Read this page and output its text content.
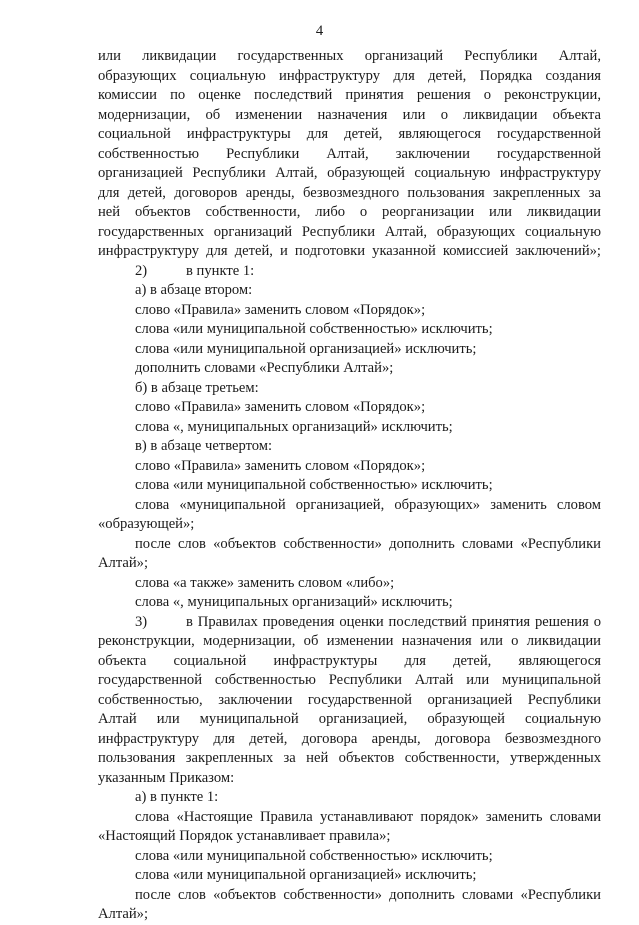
4
или ликвидации государственных организаций Республики Алтай,
образующих социальную инфраструктуру для детей, Порядка создания
комиссии по оценке последствий принятия решения о реконструкции,
модернизации, об изменении назначения или о ликвидации объекта
социальной инфраструктуры для детей, являющегося государственной
собственностью Республики Алтай, заключении государственной
организацией Республики Алтай, образующей социальную инфраструктуру
для детей, договоров аренды, безвозмездного пользования закрепленных за
ней объектов собственности, либо о реорганизации или ликвидации
государственных организаций Республики Алтай, образующих социальную
инфраструктуру для детей, и подготовки указанной комиссией заключений»;
2)	в пункте 1:
а) в абзаце втором:
слово «Правила» заменить словом «Порядок»;
слова «или муниципальной собственностью» исключить;
слова «или муниципальной организацией» исключить;
дополнить словами «Республики Алтай»;
б) в абзаце третьем:
слово «Правила» заменить словом «Порядок»;
слова «, муниципальных организаций» исключить;
в) в абзаце четвертом:
слово «Правила» заменить словом «Порядок»;
слова «или муниципальной собственностью» исключить;
слова «муниципальной организацией, образующих» заменить словом
«образующей»;
после слов «объектов собственности» дополнить словами «Республики
Алтай»;
слова «а также» заменить словом «либо»;
слова «, муниципальных организаций» исключить;
3)	в Правилах проведения оценки последствий принятия решения о
реконструкции, модернизации, об изменении назначения или о ликвидации
объекта социальной инфраструктуры для детей, являющегося
государственной собственностью Республики Алтай или муниципальной
собственностью, заключении государственной организацией Республики
Алтай или муниципальной организацией, образующей социальную
инфраструктуру для детей, договора аренды, договора безвозмездного
пользования закрепленных за ней объектов собственности, утвержденных
указанным Приказом:
а) в пункте 1:
слова «Настоящие Правила устанавливают порядок» заменить словами
«Настоящий Порядок устанавливает правила»;
слова «или муниципальной собственностью» исключить;
слова «или муниципальной организацией» исключить;
после слов «объектов собственности» дополнить словами «Республики
Алтай»;
